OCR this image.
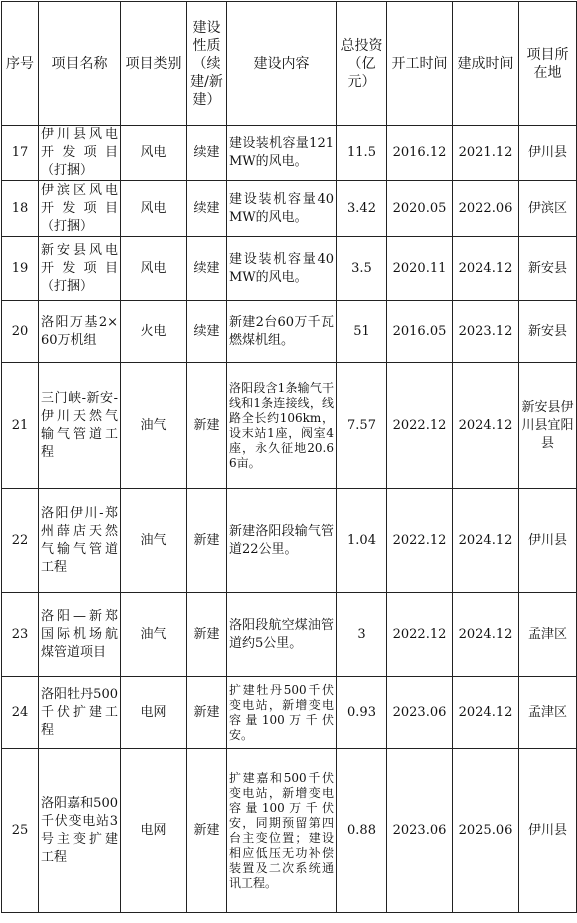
序号	项目名称	项目类别	建设性质（续建/新建）	建设内容	总投资（亿元）	开工时间	建成时间	项目所在地
17	伊川县风电开发项目（打捆）	风电	续建	建设装机容量121MW的风电。	11.5	2016.12	2021.12	伊川县
18	伊滨区风电开发项目（打捆）	风电	续建	建设装机容量40MW的风电。	3.42	2020.05	2022.06	伊滨区
19	新安县风电开发项目（打捆）	风电	续建	建设装机容量40MW的风电。	3.5	2020.11	2024.12	新安县
20	洛阳万基2×60万机组	火电	续建	新建2台60万千瓦燃煤机组。	51	2016.05	2023.12	新安县
21	三门峡-新安-伊川天然气输气管道工程	油气	新建	洛阳段含1条输气干线和1条连接线，线路全长约106km，设末站1座，阀室4座，永久征地20.66亩。	7.57	2022.12	2024.12	新安县伊川县宜阳县
22	洛阳伊川-郑州薛店天然气输气管道工程	油气	新建	新建洛阳段输气管道22公里。	1.04	2022.12	2024.12	伊川县
23	洛阳—新郑国际机场航煤管道项目	油气	新建	洛阳段航空煤油管道约5公里。	3	2022.12	2024.12	孟津区
24	洛阳牡丹500千伏扩建工程	电网	新建	扩建牡丹500千伏变电站，新增变电容量100万千伏安。	0.93	2023.06	2024.12	孟津区
25	洛阳嘉和500千伏变电站3号主变扩建工程	电网	新建	扩建嘉和500千伏变电站，新增变电容量100万千伏安，同期预留第四台主变位置；建设相应低压无功补偿装置及二次系统通讯工程。	0.88	2023.06	2025.06	伊川县
